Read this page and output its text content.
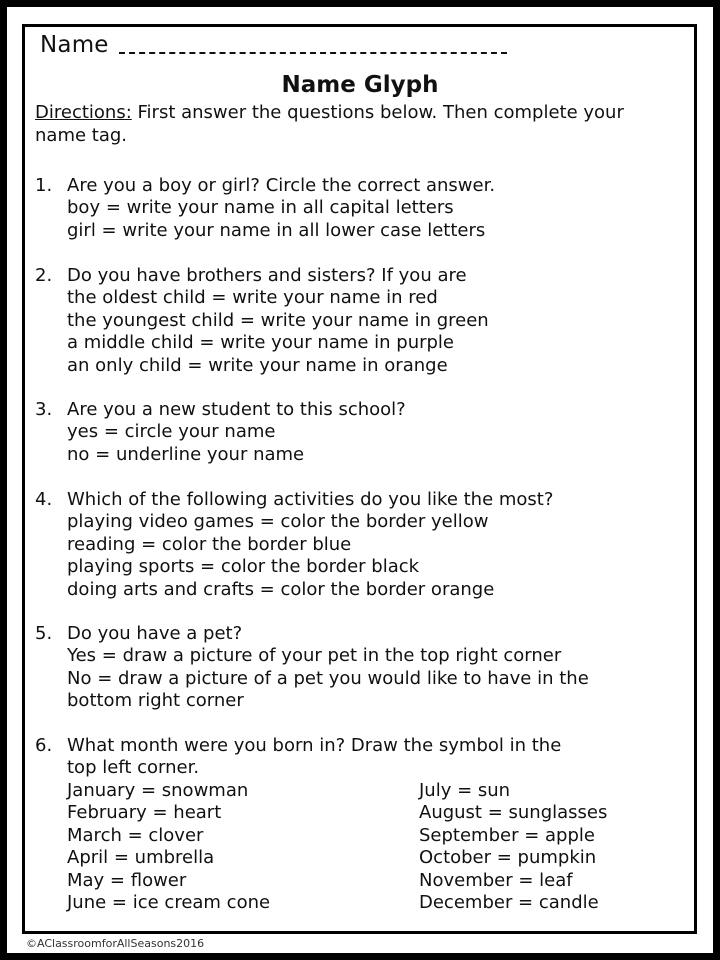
Name
Name Glyph
Directions: First answer the questions below. Then complete your name tag.
1. Are you a boy or girl? Circle the correct answer.
boy = write your name in all capital letters
girl = write your name in all lower case letters
2. Do you have brothers and sisters? If you are
the oldest child = write your name in red
the youngest child = write your name in green
a middle child = write your name in purple
an only child = write your name in orange
3. Are you a new student to this school?
yes = circle your name
no = underline your name
4. Which of the following activities do you like the most?
playing video games = color the border yellow
reading = color the border blue
playing sports = color the border black
doing arts and crafts = color the border orange
5. Do you have a pet?
Yes = draw a picture of your pet in the top right corner
No = draw a picture of a pet you would like to have in the
bottom right corner
6. What month were you born in? Draw the symbol in the
top left corner.
January = snowman
February = heart
March = clover
April = umbrella
May = flower
June = ice cream cone
July = sun
August = sunglasses
September = apple
October = pumpkin
November = leaf
December = candle
©AClassroomforAllSeasons2016
